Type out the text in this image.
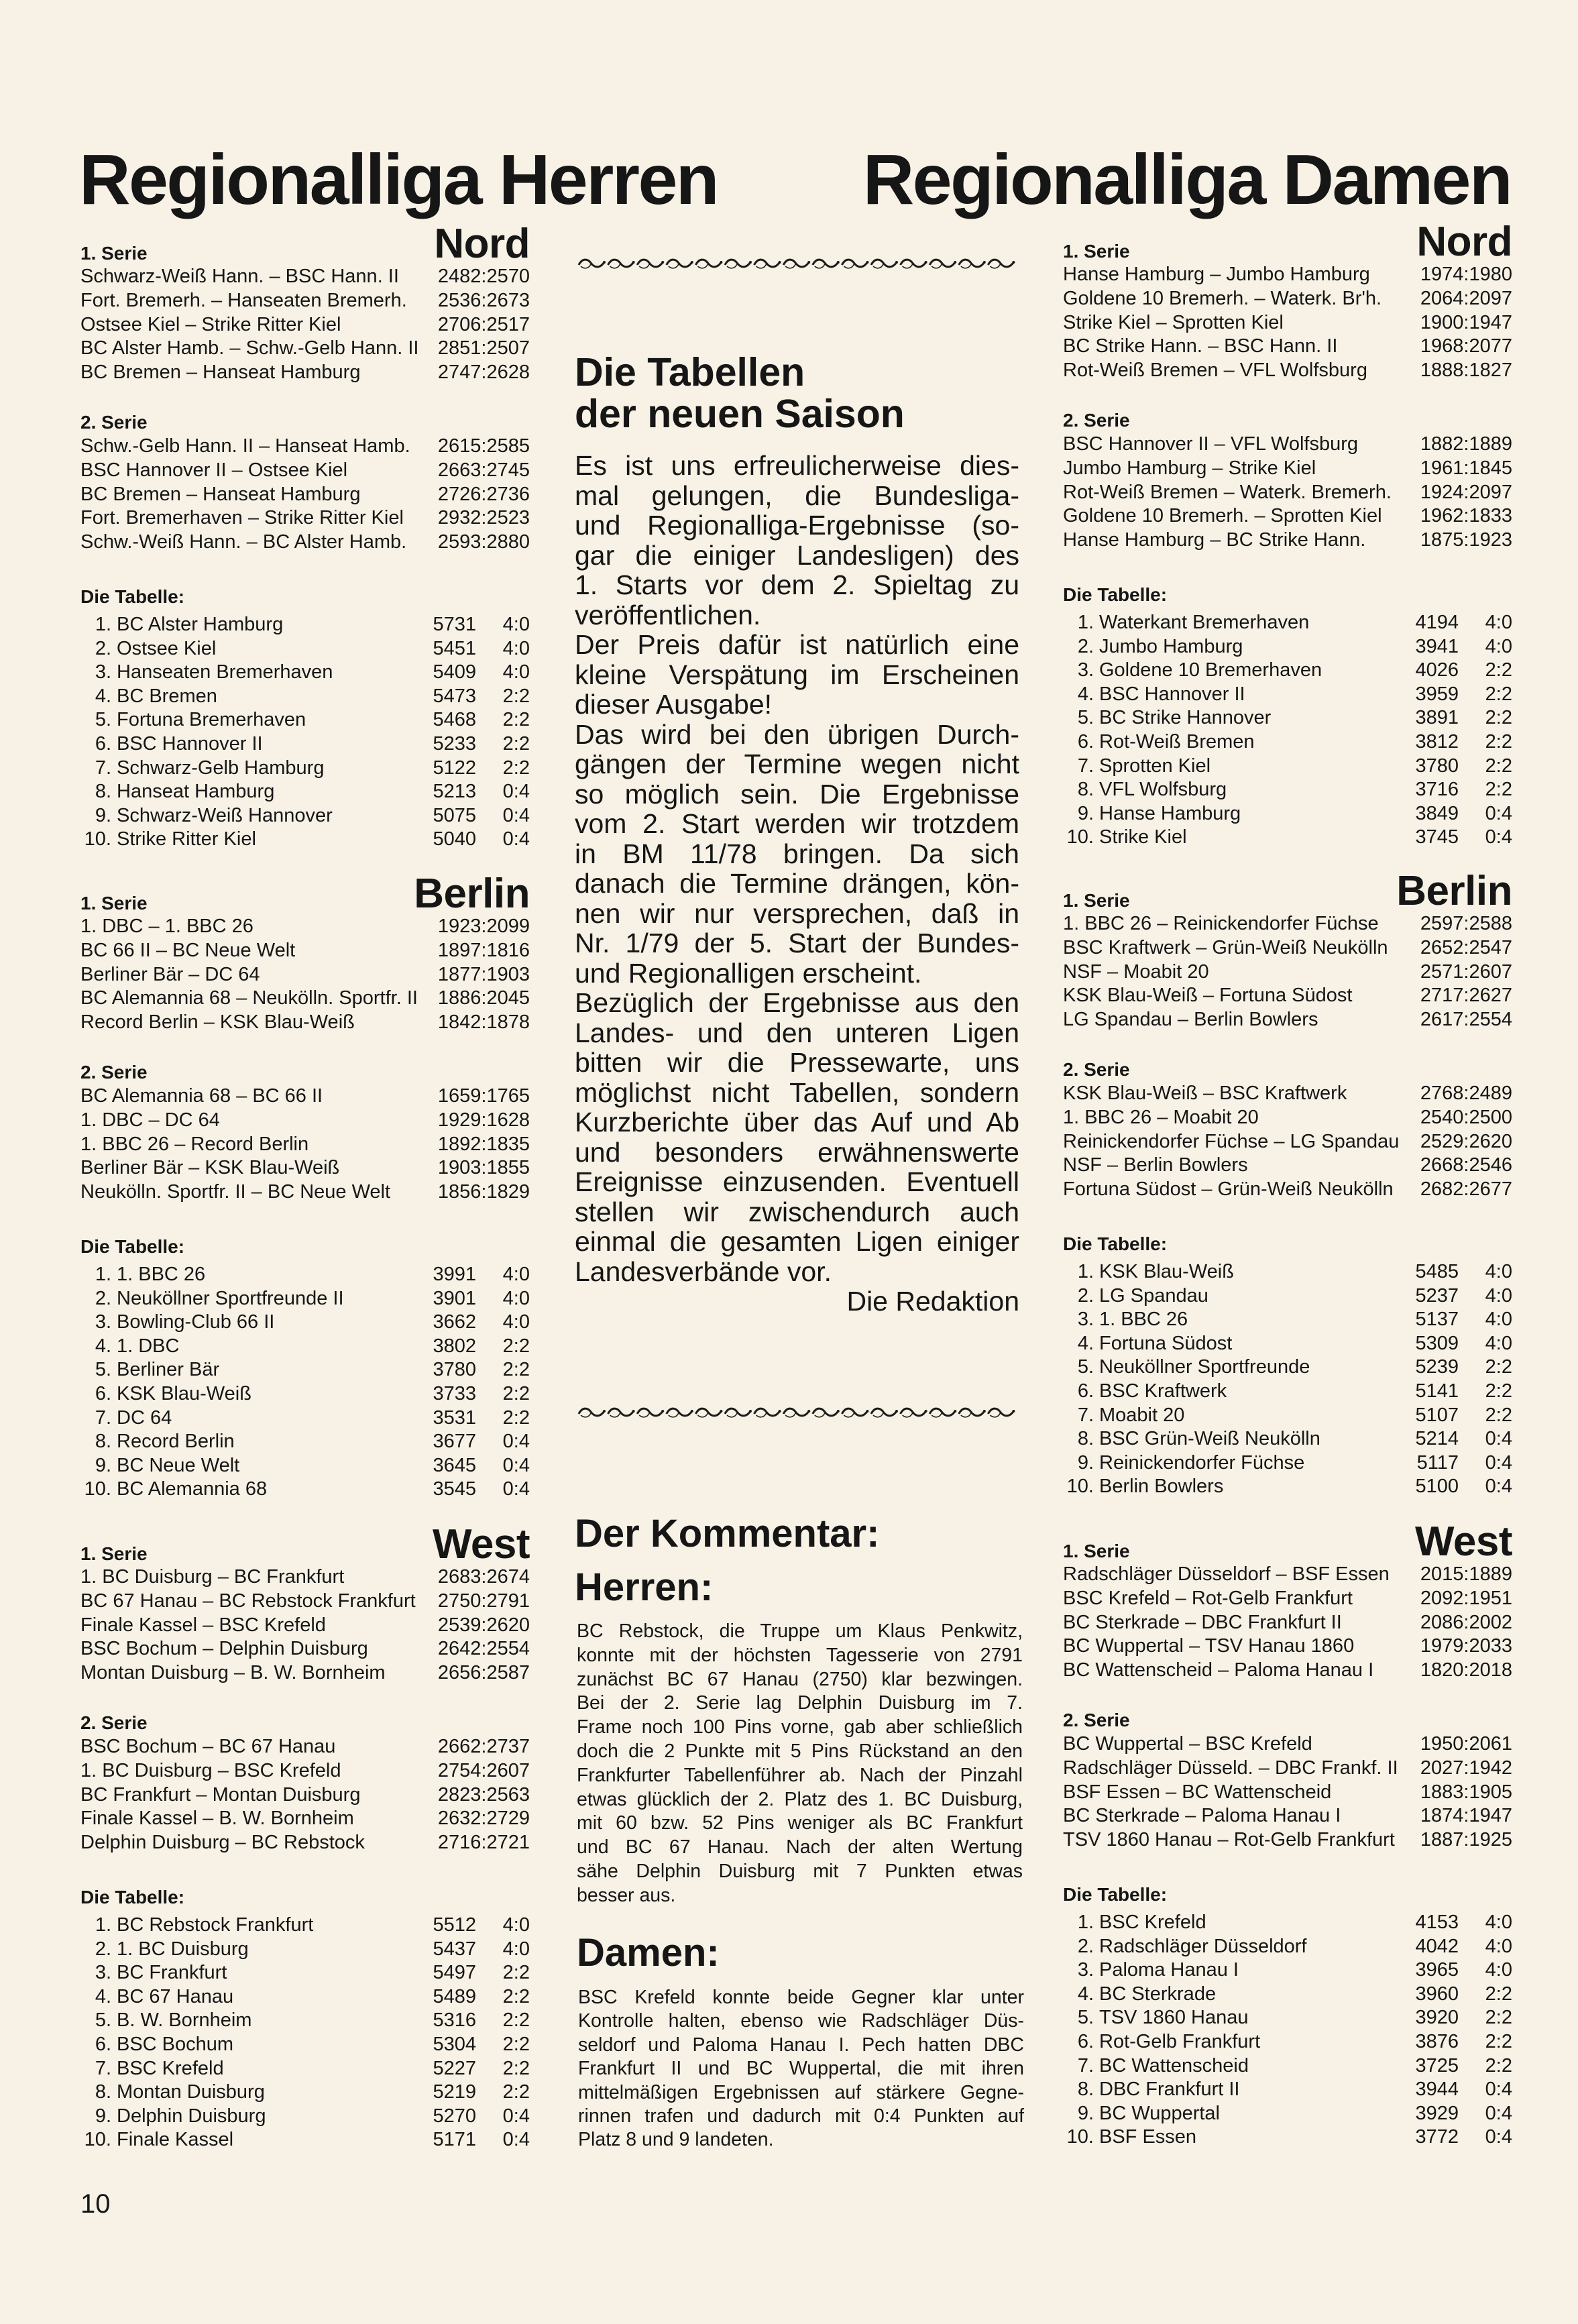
Regionalliga Herren Regionalliga Damen
1. Serie	Nord
Schwarz-Weiß Hann. – BSC Hann. II 2482:2570
Fort. Bremerh. – Hanseaten Bremerh. 2536:2673
Ostsee Kiel – Strike Ritter Kiel	2706:2517
BC Alster Hamb. – Schw.-Gelb Hann. II 2851:2507
BC Bremen – Hanseat Hamburg	2747:2628
2. Serie
Schw.-Gelb Hann. II – Hanseat Hamb. 2615:2585
BSC Hannover II – Ostsee Kiel	2663:2745
BC Bremen – Hanseat Hamburg	2726:2736
Fort. Bremerhaven – Strike Ritter Kiel 2932:2523
Schw.-Weiß Hann. – BC Alster Hamb. 2593:2880
Die Tabelle:
1. BC Alster Hamburg	5731	4:0
2. Ostsee Kiel	5451	4:0
3. Hanseaten Bremerhaven	5409	4:0
4. BC Bremen	5473	2:2
5. Fortuna Bremerhaven	5468	2:2
6. BSC Hannover II	5233	2:2
7. Schwarz-Gelb Hamburg	5122	2:2
8. Hanseat Hamburg	5213	0:4
9. Schwarz-Weiß Hannover	5075	0:4
10. Strike Ritter Kiel	5040	0:4
1. Serie	Berlin
1. DBC – 1. BBC 26	1923:2099
BC 66 II – BC Neue Welt	1897:1816
Berliner Bär – DC 64	1877:1903
BC Alemannia 68 – Neukölln. Sportfr. II 1886:2045
Record Berlin – KSK Blau-Weiß	1842:1878
2. Serie
BC Alemannia 68 – BC 66 II	1659:1765
1. DBC – DC 64	1929:1628
1. BBC 26 – Record Berlin	1892:1835
Berliner Bär – KSK Blau-Weiß	1903:1855
Neukölln. Sportfr. II – BC Neue Welt 1856:1829
Die Tabelle:
1. 1. BBC 26	3991	4:0
2. Neuköllner Sportfreunde II	3901	4:0
3. Bowling-Club 66 II	3662	4:0
4. 1. DBC	3802	2:2
5. Berliner Bär	3780	2:2
6. KSK Blau-Weiß	3733	2:2
7. DC 64	3531	2:2
8. Record Berlin	3677	0:4
9. BC Neue Welt	3645	0:4
10. BC Alemannia 68	3545	0:4
1. Serie	West
1. BC Duisburg – BC Frankfurt	2683:2674
BC 67 Hanau – BC Rebstock Frankfurt 2750:2791
Finale Kassel – BSC Krefeld	2539:2620
BSC Bochum – Delphin Duisburg	2642:2554
Montan Duisburg – B. W. Bornheim	2656:2587
2. Serie
BSC Bochum – BC 67 Hanau	2662:2737
1. BC Duisburg – BSC Krefeld	2754:2607
BC Frankfurt – Montan Duisburg	2823:2563
Finale Kassel – B. W. Bornheim	2632:2729
Delphin Duisburg – BC Rebstock	2716:2721
Die Tabelle:
1. BC Rebstock Frankfurt	5512	4:0
2. 1. BC Duisburg	5437	4:0
3. BC Frankfurt	5497	2:2
4. BC 67 Hanau	5489	2:2
5. B. W. Bornheim	5316	2:2
6. BSC Bochum	5304	2:2
7. BSC Krefeld	5227	2:2
8. Montan Duisburg	5219	2:2
9. Delphin Duisburg	5270	0:4
10. Finale Kassel	5171	0:4
1. Serie	Nord
Hanse Hamburg – Jumbo Hamburg	1974:1980
Goldene 10 Bremerh. – Waterk. Br'h. 2064:2097
Strike Kiel – Sprotten Kiel	1900:1947
BC Strike Hann. – BSC Hann. II	1968:2077
Rot-Weiß Bremen – VFL Wolfsburg	1888:1827
2. Serie
BSC Hannover II – VFL Wolfsburg	1882:1889
Jumbo Hamburg – Strike Kiel	1961:1845
Rot-Weiß Bremen – Waterk. Bremerh. 1924:2097
Goldene 10 Bremerh. – Sprotten Kiel 1962:1833
Hanse Hamburg – BC Strike Hann.	1875:1923
Die Tabelle:
1. Waterkant Bremerhaven	4194	4:0
2. Jumbo Hamburg	3941	4:0
3. Goldene 10 Bremerhaven	4026	2:2
4. BSC Hannover II	3959	2:2
5. BC Strike Hannover	3891	2:2
6. Rot-Weiß Bremen	3812	2:2
7. Sprotten Kiel	3780	2:2
8. VFL Wolfsburg	3716	2:2
9. Hanse Hamburg	3849	0:4
10. Strike Kiel	3745	0:4
1. Serie	Berlin
1. BBC 26 – Reinickendorfer Füchse 2597:2588
BSC Kraftwerk – Grün-Weiß Neukölln 2652:2547
NSF – Moabit 20	2571:2607
KSK Blau-Weiß – Fortuna Südost	2717:2627
LG Spandau – Berlin Bowlers	2617:2554
2. Serie
KSK Blau-Weiß – BSC Kraftwerk	2768:2489
1. BBC 26 – Moabit 20	2540:2500
Reinickendorfer Füchse – LG Spandau 2529:2620
NSF – Berlin Bowlers	2668:2546
Fortuna Südost – Grün-Weiß Neukölln 2682:2677
Die Tabelle:
1. KSK Blau-Weiß	5485	4:0
2. LG Spandau	5237	4:0
3. 1. BBC 26	5137	4:0
4. Fortuna Südost	5309	4:0
5. Neuköllner Sportfreunde	5239	2:2
6. BSC Kraftwerk	5141	2:2
7. Moabit 20	5107	2:2
8. BSC Grün-Weiß Neukölln	5214	0:4
9. Reinickendorfer Füchse	5117	0:4
10. Berlin Bowlers	5100	0:4
1. Serie	West
Radschläger Düsseldorf – BSF Essen 2015:1889
BSC Krefeld – Rot-Gelb Frankfurt	2092:1951
BC Sterkrade – DBC Frankfurt II	2086:2002
BC Wuppertal – TSV Hanau 1860	1979:2033
BC Wattenscheid – Paloma Hanau I 1820:2018
2. Serie
BC Wuppertal – BSC Krefeld	1950:2061
Radschläger Düsseld. – DBC Frankf. II 2027:1942
BSF Essen – BC Wattenscheid	1883:1905
BC Sterkrade – Paloma Hanau I	1874:1947
TSV 1860 Hanau – Rot-Gelb Frankfurt 1887:1925
Die Tabelle:
1. BSC Krefeld	4153	4:0
2. Radschläger Düsseldorf	4042	4:0
3. Paloma Hanau I	3965	4:0
4. BC Sterkrade	3960	2:2
5. TSV 1860 Hanau	3920	2:2
6. Rot-Gelb Frankfurt	3876	2:2
7. BC Wattenscheid	3725	2:2
8. DBC Frankfurt II	3944	0:4
9. BC Wuppertal	3929	0:4
10. BSF Essen	3772	0:4
Die Tabellen
der neuen Saison
Es ist uns erfreulicherweise dies-
mal gelungen, die Bundesliga-
und Regionalliga-Ergebnisse (so-
gar die einiger Landesligen) des
1. Starts vor dem 2. Spieltag zu
veröffentlichen.
Der Preis dafür ist natürlich eine
kleine Verspätung im Erscheinen
dieser Ausgabe!
Das wird bei den übrigen Durch-
gängen der Termine wegen nicht
so möglich sein. Die Ergebnisse
vom 2. Start werden wir trotzdem
in BM 11/78 bringen. Da sich
danach die Termine drängen, kön-
nen wir nur versprechen, daß in
Nr. 1/79 der 5. Start der Bundes-
und Regionalligen erscheint.
Bezüglich der Ergebnisse aus den
Landes- und den unteren Ligen
bitten wir die Pressewarte, uns
möglichst nicht Tabellen, sondern
Kurzberichte über das Auf und Ab
und besonders erwähnenswerte
Ereignisse einzusenden. Eventuell
stellen wir zwischendurch auch
einmal die gesamten Ligen einiger
Landesverbände vor.
Die Redaktion
Der Kommentar:
Herren:
BC Rebstock, die Truppe um Klaus Penkwitz,
konnte mit der höchsten Tagesserie von 2791
zunächst BC 67 Hanau (2750) klar bezwingen.
Bei der 2. Serie lag Delphin Duisburg im 7.
Frame noch 100 Pins vorne, gab aber schließlich
doch die 2 Punkte mit 5 Pins Rückstand an den
Frankfurter Tabellenführer ab. Nach der Pinzahl
etwas glücklich der 2. Platz des 1. BC Duisburg,
mit 60 bzw. 52 Pins weniger als BC Frankfurt
und BC 67 Hanau. Nach der alten Wertung
sähe Delphin Duisburg mit 7 Punkten etwas
besser aus.
Damen:
BSC Krefeld konnte beide Gegner klar unter
Kontrolle halten, ebenso wie Radschläger Düs-
seldorf und Paloma Hanau I. Pech hatten DBC
Frankfurt II und BC Wuppertal, die mit ihren
mittelmäßigen Ergebnissen auf stärkere Gegne-
rinnen trafen und dadurch mit 0:4 Punkten auf
Platz 8 und 9 landeten.
10
